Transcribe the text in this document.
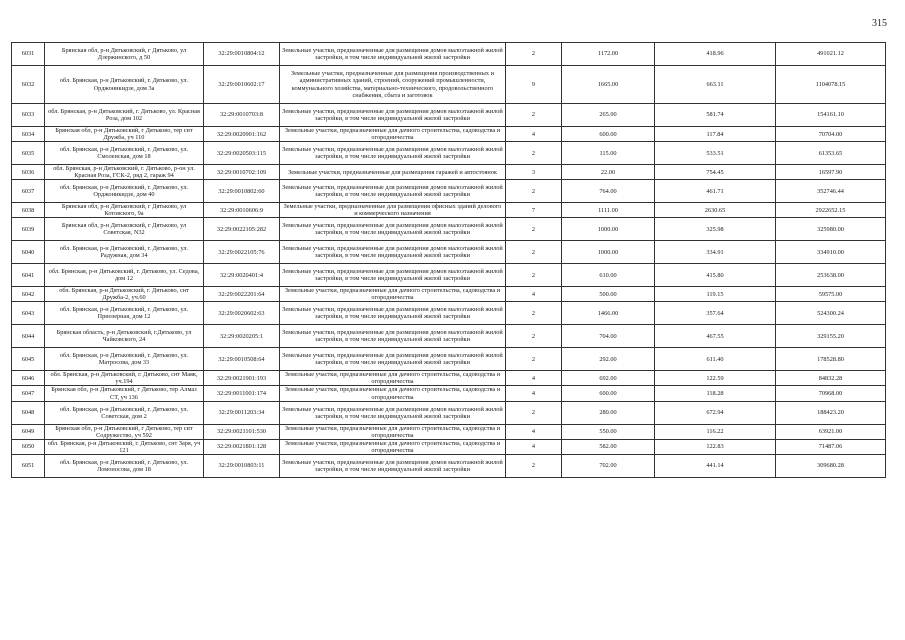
315
6031	Брянская обл, р-н Дятьковский, г Дятьково, ул Дзержинского, д 50	32:29:0010804:12	Земельные участки, предназначенные для размещения домов малоэтажной жилой застройки, в том числе индивидуальной жилой застройки	2	1172.00	418.96	491021.12
6032	обл. Брянская, р-н Дятьковский, г. Дятьково, ул. Орджоникидзе, дом 3а	32:29:0010602:17	Земельные участки, предназначенные для размещения производственных и административных зданий, строений, сооружений промышленности, коммунального хозяйства, материально-технического, продовольственного снабжения, сбыта и заготовок	9	1665.00	663.11	1104078.15
6033	обл. Брянская, р-н Дятьковский, г. Дятьково, ул. Красная Роза, дом 102	32:29:0010703:8	Земельные участки, предназначенные для размещения домов малоэтажной жилой застройки, в том числе индивидуальной жилой застройки	2	265.00	581.74	154161.10
6034	Брянская обл, р-н Дятьковский, г Дятьково, тер снт Дружба, уч 110	32:29:0020901:162	Земельные участки, предназначенные для дачного строительства, садоводства и огородничества	4	600.00	117.84	70704.00
6035	обл. Брянская, р-н Дятьковский, г. Дятьково, ул. Смоленская, дом 18	32:29:0020503:115	Земельные участки, предназначенные для размещения домов малоэтажной жилой застройки, в том числе индивидуальной жилой застройки	2	115.00	533.51	61353.65
6036	обл. Брянская, р-н Дятьковский, г. Дятьково, р-он ул. Красная Роза, ГСК-2, ряд 2, гараж 94	32:29:0010702:109	Земельные участки, предназначенные для размещения гаражей и автостоянок	3	22.00	754.45	16597.90
6037	обл. Брянская, р-н Дятьковский, г. Дятьково, ул. Орджоникидзе, дом 40	32:29:0010802:60	Земельные участки, предназначенные для размещения домов малоэтажной жилой застройки, в том числе индивидуальной жилой застройки	2	764.00	461.71	352746.44
6038	Брянская обл, р-н Дятьковский, г Дятьково, ул Котовского, 9а	32:29:0010606:9	Земельные участки, предназначенные для размещения офисных зданий делового и коммерческого назначения	7	1111.00	2630.65	2922652.15
6039	Брянская обл, р-н Дятьковский, г Дятьково, ул Советская, N32	32:29:0022105:282	Земельные участки, предназначенные для размещения домов малоэтажной жилой застройки, в том числе индивидуальной жилой застройки	2	1000.00	325.98	325980.00
6040	обл. Брянская, р-н Дятьковский, г. Дятьково, ул. Радужная, дом 34	32:29:0022105:76	Земельные участки, предназначенные для размещения домов малоэтажной жилой застройки, в том числе индивидуальной жилой застройки	2	1000.00	334.91	334910.00
6041	обл. Брянская, р-н Дятьковский, г. Дятьково, ул. Седова, дом 12	32:29:0020401:4	Земельные участки, предназначенные для размещения домов малоэтажной жилой застройки, в том числе индивидуальной жилой застройки	2	610.00	415.80	253638.00
6042	обл. Брянская, р-н Дятьковский, г. Дятьково, снт Дружба-2, уч.60	32:29:0022201:64	Земельные участки, предназначенные для дачного строительства, садоводства и огородничества	4	500.00	119.15	59575.00
6043	обл. Брянская, р-н Дятьковский, г. Дятьково, ул. Приозерная, дом 12	32:29:0020602:63	Земельные участки, предназначенные для размещения домов малоэтажной жилой застройки, в том числе индивидуальной жилой застройки	2	1466.00	357.64	524300.24
6044	Брянская область, р-н Дятьковский, г.Дятьково, ул Чайковского, 24	32:29:0020205:1	Земельные участки, предназначенные для размещения домов малоэтажной жилой застройки, в том числе индивидуальной жилой застройки	2	704.00	467.55	329155.20
6045	обл. Брянская, р-н Дятьковский, г. Дятьково, ул. Матросова, дом 33	32:29:0010508:64	Земельные участки, предназначенные для размещения домов малоэтажной жилой застройки, в том числе индивидуальной жилой застройки	2	292.00	611.40	178528.80
6046	обл. Брянская, р-н Дятьковский, г. Дятьково, снт Маяк, уч.194	32:29:0021901:193	Земельные участки, предназначенные для дачного строительства, садоводства и огородничества	4	692.00	122.59	84832.28
6047	Брянская обл, р-н Дятьковский, г Дятьково, тер Алмаз СТ, уч 136	32:29:0011001:174	Земельные участки, предназначенные для дачного строительства, садоводства и огородничества	4	600.00	118.28	70968.00
6048	обл. Брянская, р-н Дятьковский, г. Дятьково, ул. Советская, дом 2	32:29:0011203:34	Земельные участки, предназначенные для размещения домов малоэтажной жилой застройки, в том числе индивидуальной жилой застройки	2	280.00	672.94	188423.20
6049	Брянская обл, р-н Дятьковский, г Дятьково, тер снт Содружество, уч 592	32:29:0021101:530	Земельные участки, предназначенные для дачного строительства, садоводства и огородничества	4	550.00	116.22	63921.00
6050	обл. Брянская, р-н Дятьковский, г. Дятьково, снт Заря, уч 121	32:29:0021801:128	Земельные участки, предназначенные для дачного строительства, садоводства и огородничества	4	582.00	122.83	71487.06
6051	обл. Брянская, р-н Дятьковский, г. Дятьково, ул. Ломоносова, дом 18	32:29:0010803:11	Земельные участки, предназначенные для размещения домов малоэтажной жилой застройки, в том числе индивидуальной жилой застройки	2	702.00	441.14	309680.28
